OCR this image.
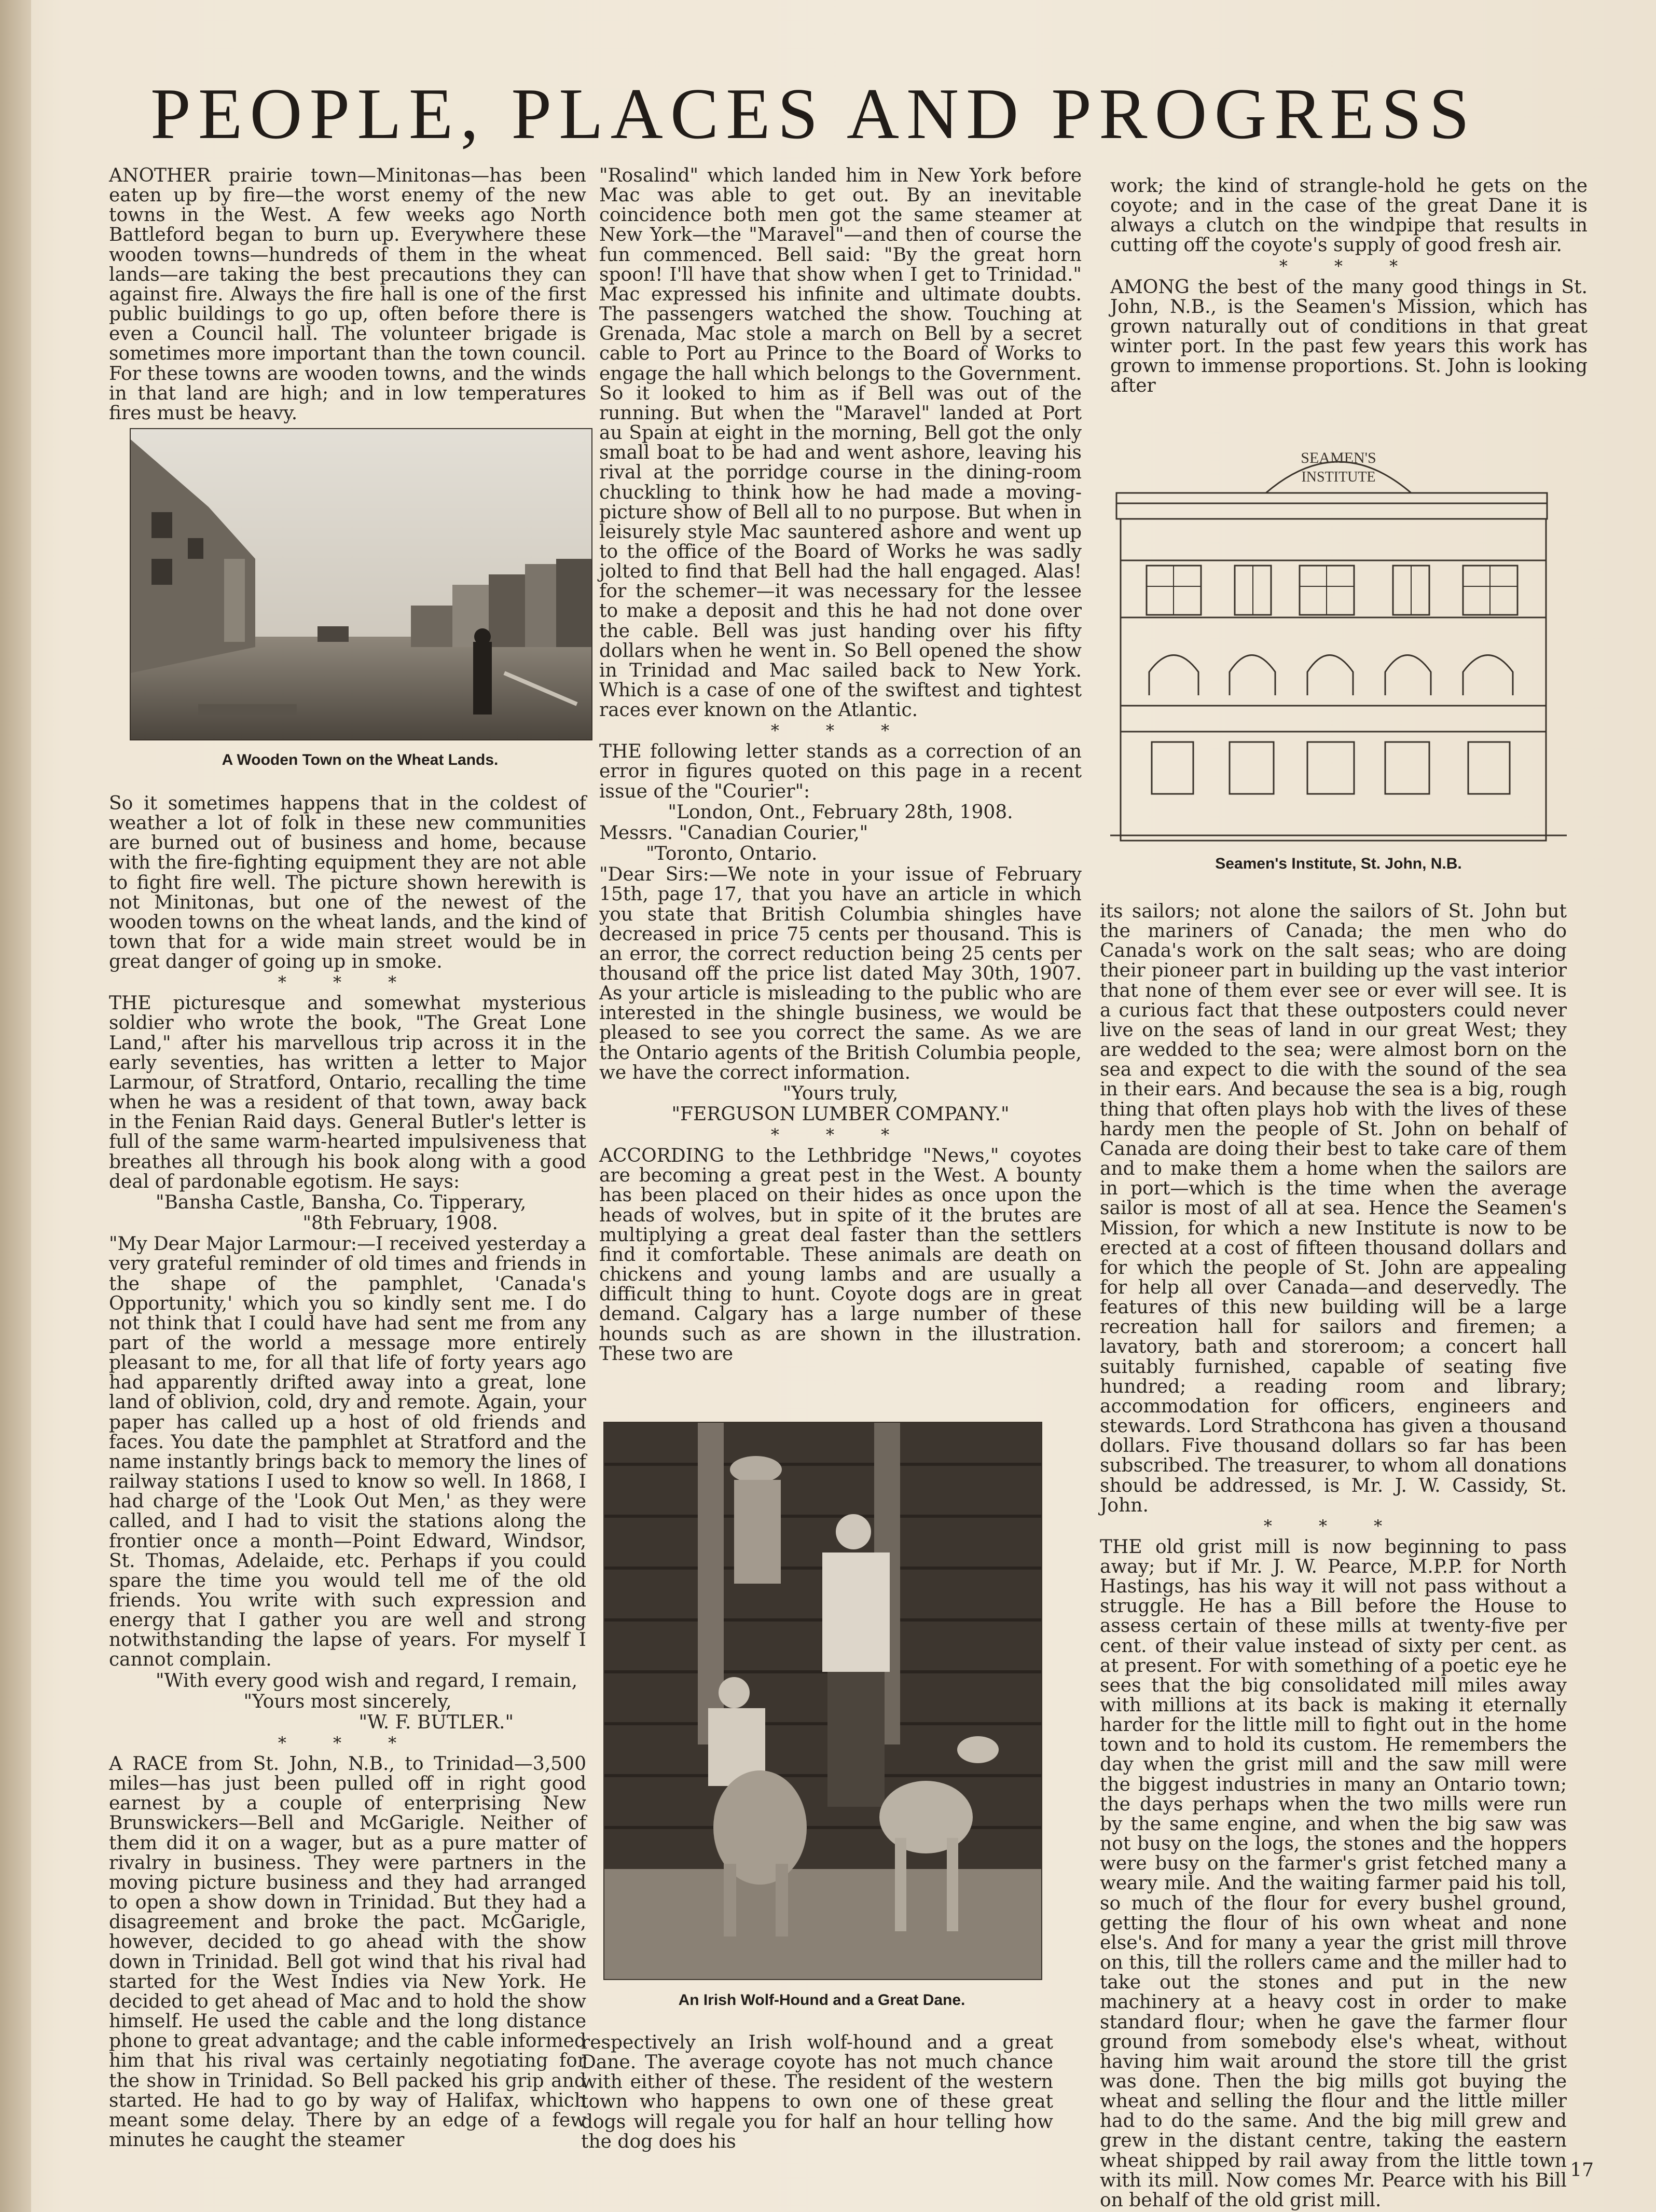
PEOPLE, PLACES AND PROGRESS

ANOTHER prairie town—Minitonas—has been eaten up by fire—the worst enemy of the new towns in the West. A few weeks ago North Battleford began to burn up. Everywhere these wooden towns—hundreds of them in the wheat lands—are taking the best precautions they can against fire. Always the fire hall is one of the first public buildings to go up, often before there is even a Council hall. The volunteer brigade is sometimes more important than the town council. For these towns are wooden towns, and the winds in that land are high; and in low temperatures fires must be heavy.

A Wooden Town on the Wheat Lands.

So it sometimes happens that in the coldest of weather a lot of folk in these new communities are burned out of business and home, because with the fire-fighting equipment they are not able to fight fire well. The picture shown herewith is not Minitonas, but one of the newest of the wooden towns on the wheat lands, and the kind of town that for a wide main street would be in great danger of going up in smoke.

* * *

THE picturesque and somewhat mysterious soldier who wrote the book, "The Great Lone Land," after his marvellous trip across it in the early seventies, has written a letter to Major Larmour, of Stratford, Ontario, recalling the time when he was a resident of that town, away back in the Fenian Raid days. General Butler's letter is full of the same warm-hearted impulsiveness that breathes all through his book along with a good deal of pardonable egotism. He says:

"Bansha Castle, Bansha, Co. Tipperary,

"8th February, 1908.

"My Dear Major Larmour:—I received yesterday a very grateful reminder of old times and friends in the shape of the pamphlet, 'Canada's Opportunity,' which you so kindly sent me. I do not think that I could have had sent me from any part of the world a message more entirely pleasant to me, for all that life of forty years ago had apparently drifted away into a great, lone land of oblivion, cold, dry and remote. Again, your paper has called up a host of old friends and faces. You date the pamphlet at Stratford and the name instantly brings back to memory the lines of railway stations I used to know so well. In 1868, I had charge of the 'Look Out Men,' as they were called, and I had to visit the stations along the frontier once a month—Point Edward, Windsor, St. Thomas, Adelaide, etc. Perhaps if you could spare the time you would tell me of the old friends. You write with such expression and energy that I gather you are well and strong notwithstanding the lapse of years. For myself I cannot complain.

"With every good wish and regard, I remain,

"Yours most sincerely,

"W. F. BUTLER."

* * *

A RACE from St. John, N.B., to Trinidad—3,500 miles—has just been pulled off in right good earnest by a couple of enterprising New Brunswickers—Bell and McGarigle. Neither of them did it on a wager, but as a pure matter of rivalry in business. They were partners in the moving picture business and they had arranged to open a show down in Trinidad. But they had a disagreement and broke the pact. McGarigle, however, decided to go ahead with the show down in Trinidad. Bell got wind that his rival had started for the West Indies via New York. He decided to get ahead of Mac and to hold the show himself. He used the cable and the long distance phone to great advantage; and the cable informed him that his rival was certainly negotiating for the show in Trinidad. So Bell packed his grip and started. He had to go by way of Halifax, which meant some delay. There by an edge of a few minutes he caught the steamer

"Rosalind" which landed him in New York before Mac was able to get out. By an inevitable coincidence both men got the same steamer at New York—the "Maravel"—and then of course the fun commenced. Bell said: "By the great horn spoon! I'll have that show when I get to Trinidad." Mac expressed his infinite and ultimate doubts. The passengers watched the show. Touching at Grenada, Mac stole a march on Bell by a secret cable to Port au Prince to the Board of Works to engage the hall which belongs to the Government. So it looked to him as if Bell was out of the running. But when the "Maravel" landed at Port au Spain at eight in the morning, Bell got the only small boat to be had and went ashore, leaving his rival at the porridge course in the dining-room chuckling to think how he had made a moving-picture show of Bell all to no purpose. But when in leisurely style Mac sauntered ashore and went up to the office of the Board of Works he was sadly jolted to find that Bell had the hall engaged. Alas! for the schemer—it was necessary for the lessee to make a deposit and this he had not done over the cable. Bell was just handing over his fifty dollars when he went in. So Bell opened the show in Trinidad and Mac sailed back to New York. Which is a case of one of the swiftest and tightest races ever known on the Atlantic.

* * *

THE following letter stands as a correction of an error in figures quoted on this page in a recent issue of the "Courier":

"London, Ont., February 28th, 1908.

Messrs. "Canadian Courier,"

"Toronto, Ontario.

"Dear Sirs:—We note in your issue of February 15th, page 17, that you have an article in which you state that British Columbia shingles have decreased in price 75 cents per thousand. This is an error, the correct reduction being 25 cents per thousand off the price list dated May 30th, 1907. As your article is misleading to the public who are interested in the shingle business, we would be pleased to see you correct the same. As we are the Ontario agents of the British Columbia people, we have the correct information.

"Yours truly,

"FERGUSON LUMBER COMPANY."

* * *

ACCORDING to the Lethbridge "News," coyotes are becoming a great pest in the West. A bounty has been placed on their hides as once upon the heads of wolves, but in spite of it the brutes are multiplying a great deal faster than the settlers find it comfortable. These animals are death on chickens and young lambs and are usually a difficult thing to hunt. Coyote dogs are in great demand. Calgary has a large number of these hounds such as are shown in the illustration. These two are

An Irish Wolf-Hound and a Great Dane.

respectively an Irish wolf-hound and a great Dane. The average coyote has not much chance with either of these. The resident of the western town who happens to own one of these great dogs will regale you for half an hour telling how the dog does his

work; the kind of strangle-hold he gets on the coyote; and in the case of the great Dane it is always a clutch on the windpipe that results in cutting off the coyote's supply of good fresh air.

* * *

AMONG the best of the many good things in St. John, N.B., is the Seamen's Mission, which has grown naturally out of conditions in that great winter port. In the past few years this work has grown to immense proportions. St. John is looking after

SEAMEN'S
INSTITUTE
Seamen's Institute, St. John, N.B.

its sailors; not alone the sailors of St. John but the mariners of Canada; the men who do Canada's work on the salt seas; who are doing their pioneer part in building up the vast interior that none of them ever see or ever will see. It is a curious fact that these outposters could never live on the seas of land in our great West; they are wedded to the sea; were almost born on the sea and expect to die with the sound of the sea in their ears. And because the sea is a big, rough thing that often plays hob with the lives of these hardy men the people of St. John on behalf of Canada are doing their best to take care of them and to make them a home when the sailors are in port—which is the time when the average sailor is most of all at sea. Hence the Seamen's Mission, for which a new Institute is now to be erected at a cost of fifteen thousand dollars and for which the people of St. John are appealing for help all over Canada—and deservedly. The features of this new building will be a large recreation hall for sailors and firemen; a lavatory, bath and storeroom; a concert hall suitably furnished, capable of seating five hundred; a reading room and library; accommodation for officers, engineers and stewards. Lord Strathcona has given a thousand dollars. Five thousand dollars so far has been subscribed. The treasurer, to whom all donations should be addressed, is Mr. J. W. Cassidy, St. John.

* * *

THE old grist mill is now beginning to pass away; but if Mr. J. W. Pearce, M.P.P. for North Hastings, has his way it will not pass without a struggle. He has a Bill before the House to assess certain of these mills at twenty-five per cent. of their value instead of sixty per cent. as at present. For with something of a poetic eye he sees that the big consolidated mill miles away with millions at its back is making it eternally harder for the little mill to fight out in the home town and to hold its custom. He remembers the day when the grist mill and the saw mill were the biggest industries in many an Ontario town; the days perhaps when the two mills were run by the same engine, and when the big saw was not busy on the logs, the stones and the hoppers were busy on the farmer's grist fetched many a weary mile. And the waiting farmer paid his toll, so much of the flour for every bushel ground, getting the flour of his own wheat and none else's. And for many a year the grist mill throve on this, till the rollers came and the miller had to take out the stones and put in the new machinery at a heavy cost in order to make standard flour; when he gave the farmer flour ground from somebody else's wheat, without having him wait around the store till the grist was done. Then the big mills got buying the wheat and selling the flour and the little miller had to do the same. And the big mill grew and grew in the distant centre, taking the eastern wheat shipped by rail away from the little town with its mill. Now comes Mr. Pearce with his Bill on behalf of the old grist mill.

17
